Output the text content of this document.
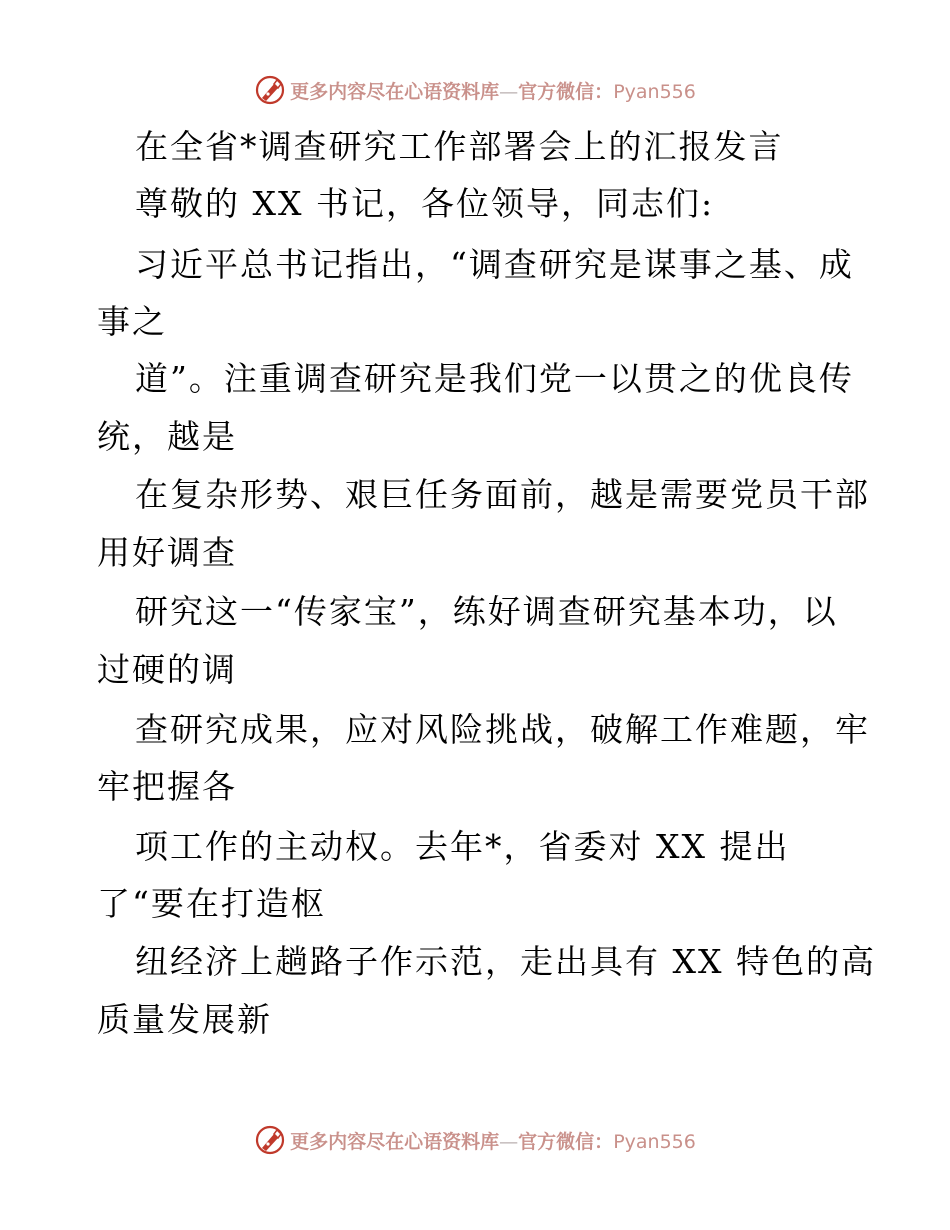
更多内容尽在心语资料库—官方微信：Pyan556
在全省*调查研究工作部署会上的汇报发言
尊敬的 XX 书记，各位领导，同志们:
习近平总书记指出，“调查研究是谋事之基、成
事之
道”。注重调查研究是我们党一以贯之的优良传
统，越是
在复杂形势、艰巨任务面前，越是需要党员干部
用好调查
研究这一“传家宝”，练好调查研究基本功，以
过硬的调
查研究成果，应对风险挑战，破解工作难题，牢
牢把握各
项工作的主动权。去年*，省委对 XX 提出
了“要在打造枢
纽经济上趟路子作示范，走出具有 XX 特色的高
质量发展新
更多内容尽在心语资料库—官方微信：Pyan556
